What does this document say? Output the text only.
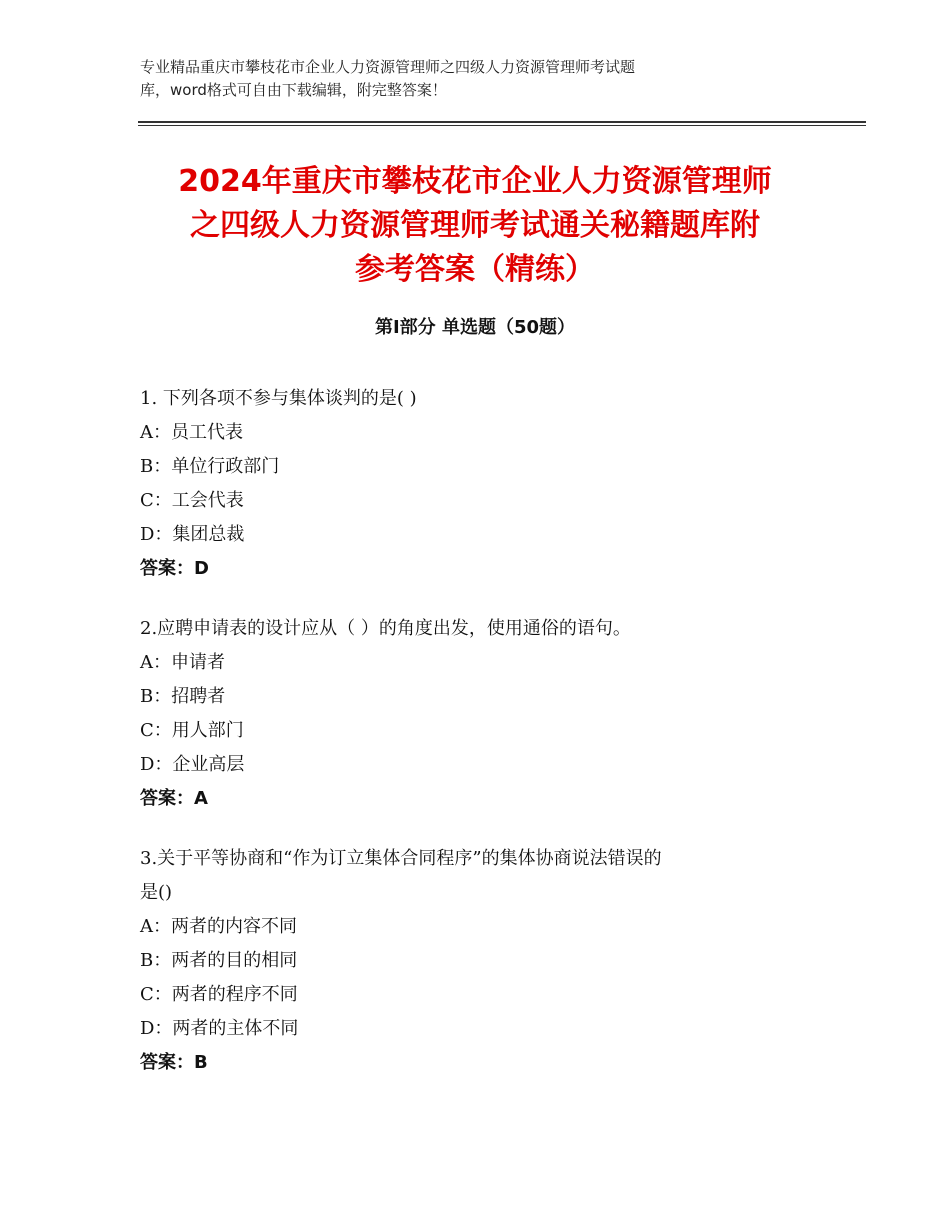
专业精品重庆市攀枝花市企业人力资源管理师之四级人力资源管理师考试题
库，word格式可自由下载编辑，附完整答案！
2024年重庆市攀枝花市企业人力资源管理师
之四级人力资源管理师考试通关秘籍题库附
参考答案（精练）
第Ⅰ部分 单选题（50题）
1. 下列各项不参与集体谈判的是( )
A：员工代表
B：单位行政部门
C：工会代表
D：集团总裁
答案：D
2.应聘申请表的设计应从（ ）的角度出发，使用通俗的语句。
A：申请者
B：招聘者
C：用人部门
D：企业高层
答案：A
3.关于平等协商和“作为订立集体合同程序”的集体协商说法错误的
是()
A：两者的内容不同
B：两者的目的相同
C：两者的程序不同
D：两者的主体不同
答案：B
